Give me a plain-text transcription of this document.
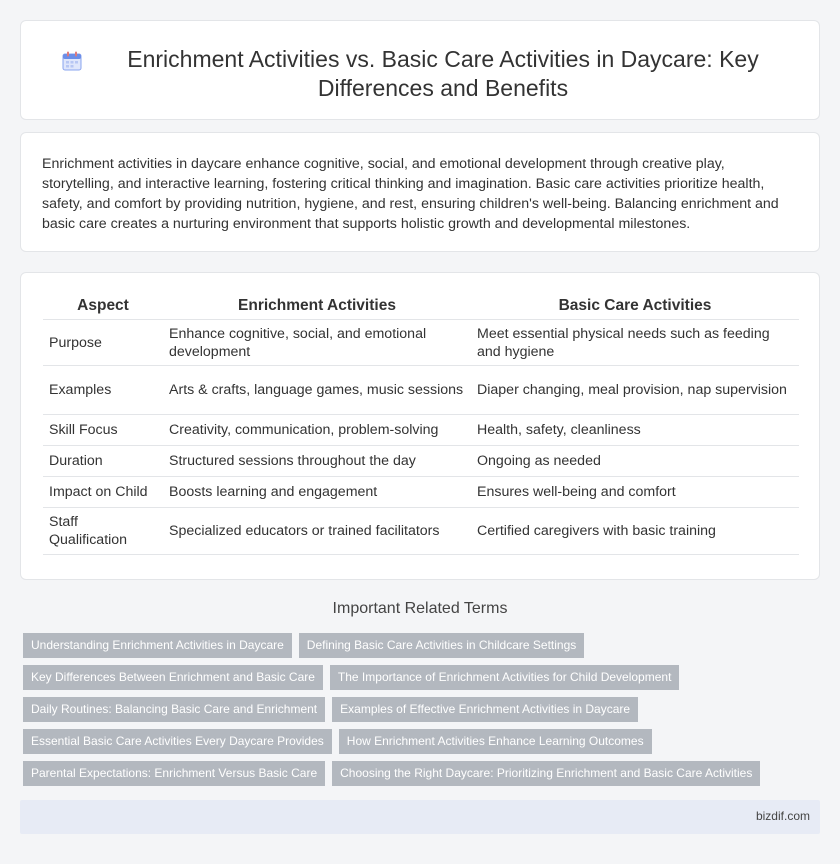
Enrichment Activities vs. Basic Care Activities in Daycare: Key Differences and Benefits

Enrichment activities in daycare enhance cognitive, social, and emotional development through creative play, storytelling, and interactive learning, fostering critical thinking and imagination. Basic care activities prioritize health, safety, and comfort by providing nutrition, hygiene, and rest, ensuring children's well-being. Balancing enrichment and basic care creates a nurturing environment that supports holistic growth and developmental milestones.

Aspect	Enrichment Activities	Basic Care Activities
Purpose	Enhance cognitive, social, and emotional development	Meet essential physical needs such as feeding and hygiene
Examples	Arts & crafts, language games, music sessions	Diaper changing, meal provision, nap supervision
Skill Focus	Creativity, communication, problem-solving	Health, safety, cleanliness
Duration	Structured sessions throughout the day	Ongoing as needed
Impact on Child	Boosts learning and engagement	Ensures well-being and comfort
Staff Qualification	Specialized educators or trained facilitators	Certified caregivers with basic training
Important Related Terms
Understanding Enrichment Activities in Daycare	Defining Basic Care Activities in Childcare Settings
Key Differences Between Enrichment and Basic Care	The Importance of Enrichment Activities for Child Development
Daily Routines: Balancing Basic Care and Enrichment	Examples of Effective Enrichment Activities in Daycare
Essential Basic Care Activities Every Daycare Provides	How Enrichment Activities Enhance Learning Outcomes
Parental Expectations: Enrichment Versus Basic Care	Choosing the Right Daycare: Prioritizing Enrichment and Basic Care Activities
bizdif.com
